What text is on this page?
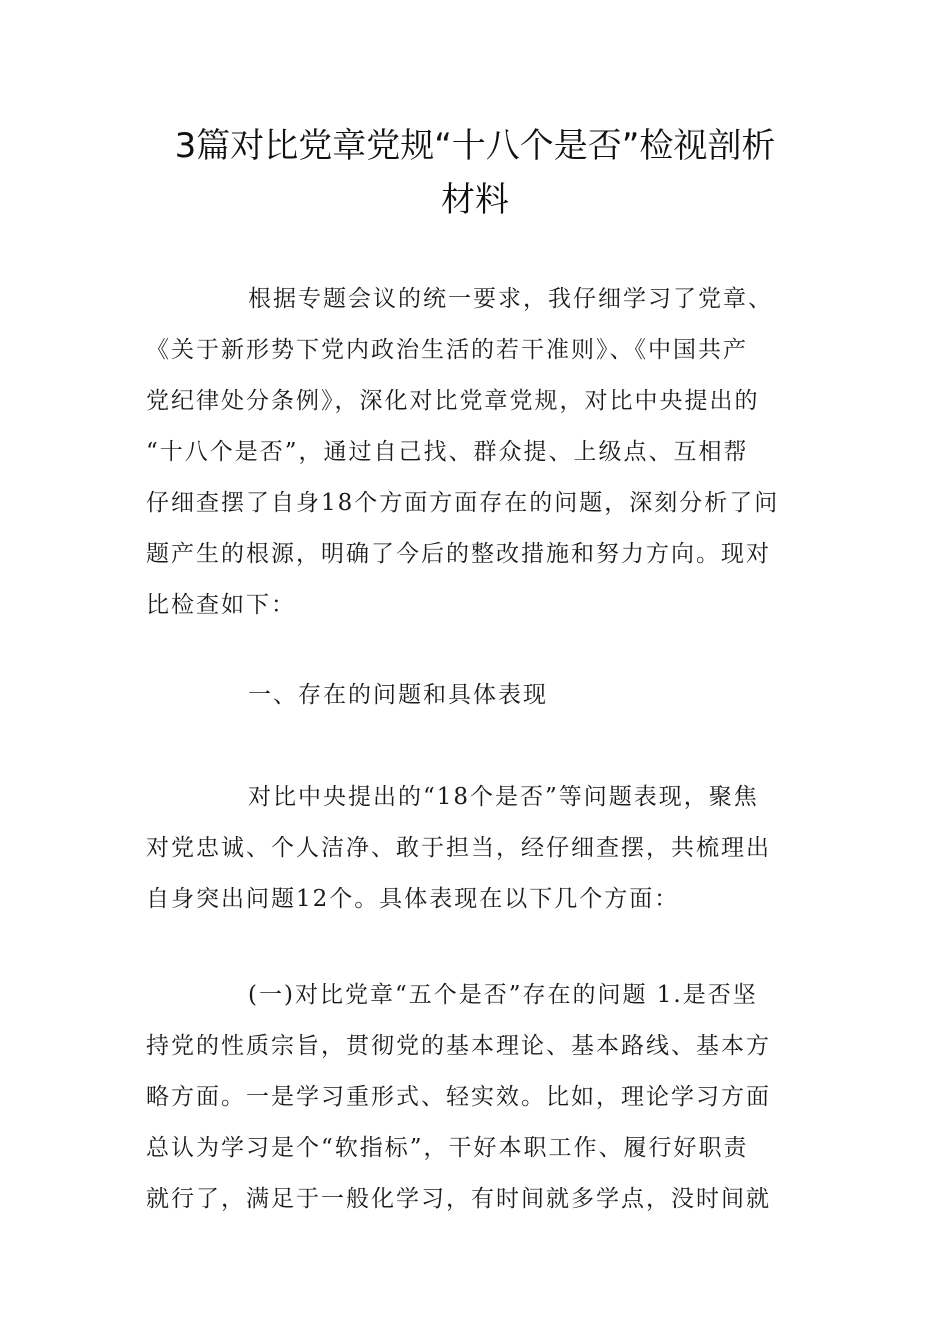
3篇对比党章党规“十八个是否”检视剖析
材料
根据专题会议的统一要求，我仔细学习了党章、
《关于新形势下党内政治生活的若干准则》、《中国共产
党纪律处分条例》，深化对比党章党规，对比中央提出的
“十八个是否”，通过自己找、群众提、上级点、互相帮
仔细查摆了自身18个方面方面存在的问题，深刻分析了问
题产生的根源，明确了今后的整改措施和努力方向。现对
比检查如下：
一、存在的问题和具体表现
对比中央提出的“18个是否”等问题表现，聚焦
对党忠诚、个人洁净、敢于担当，经仔细查摆，共梳理出
自身突出问题12个。具体表现在以下几个方面：
(一)对比党章“五个是否”存在的问题 1.是否坚
持党的性质宗旨，贯彻党的基本理论、基本路线、基本方
略方面。一是学习重形式、轻实效。比如，理论学习方面
总认为学习是个“软指标”，干好本职工作、履行好职责
就行了，满足于一般化学习，有时间就多学点，没时间就
